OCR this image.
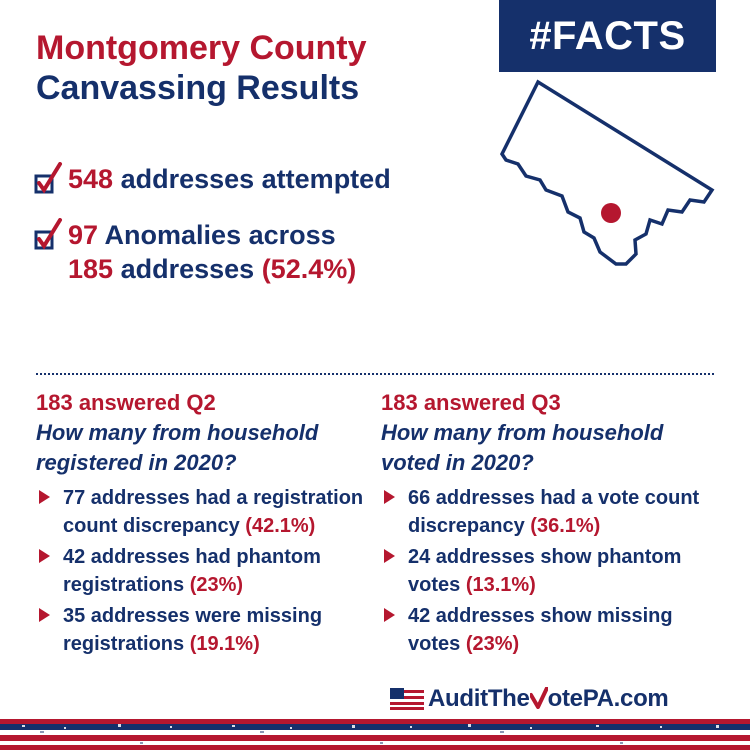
Montgomery County
Canvassing Results
#FACTS
548 addresses attempted
97 Anomalies across
185 addresses (52.4%)
183 answered Q2
How many from household registered in 2020?
77 addresses had a registration count discrepancy (42.1%)
42 addresses had phantom registrations (23%)
35 addresses were missing registrations (19.1%)
183 answered Q3
How many from household voted in 2020?
66 addresses had a vote count discrepancy (36.1%)
24 addresses show phantom votes (13.1%)
42 addresses show missing votes (23%)
AuditThe otePA.com
